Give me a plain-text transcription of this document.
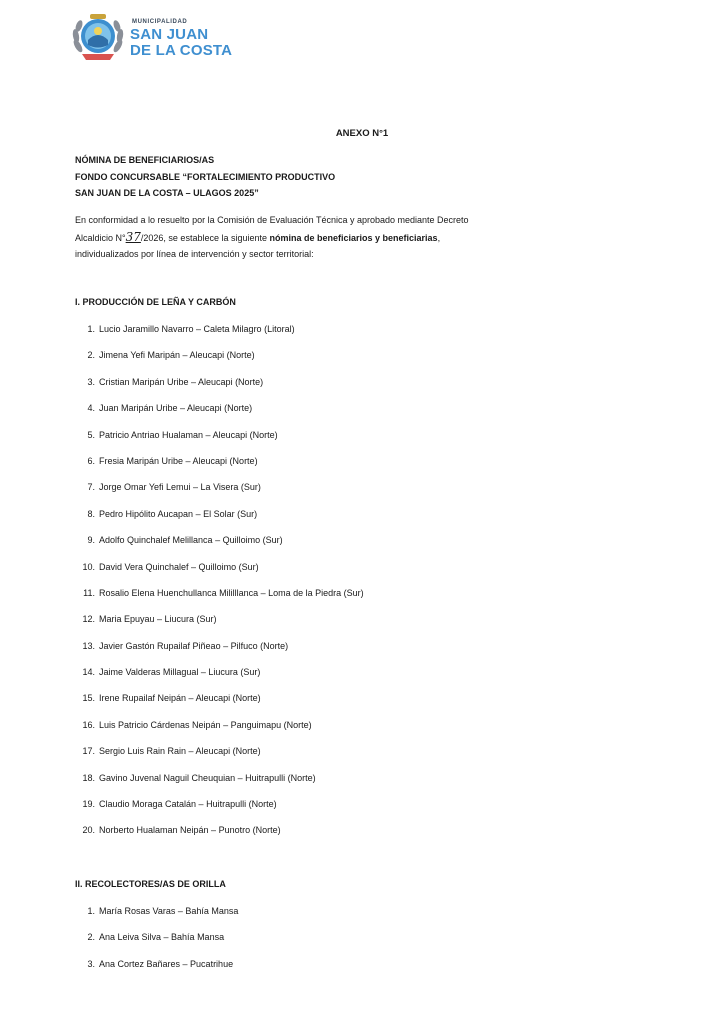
MUNICIPALIDAD
SAN JUAN
DE LA COSTA
ANEXO N°1
NÓMINA DE BENEFICIARIOS/AS
FONDO CONCURSABLE “FORTALECIMIENTO PRODUCTIVO
SAN JUAN DE LA COSTA – ULAGOS 2025”
En conformidad a lo resuelto por la Comisión de Evaluación Técnica y aprobado mediante Decreto
Alcaldicio N°37/2026, se establece la siguiente nómina de beneficiarios y beneficiarias,
individualizados por línea de intervención y sector territorial:
I. PRODUCCIÓN DE LEÑA Y CARBÓN
1. Lucio Jaramillo Navarro – Caleta Milagro (Litoral)
2. Jimena Yefi Maripán – Aleucapi (Norte)
3. Cristian Maripán Uribe – Aleucapi (Norte)
4. Juan Maripán Uribe – Aleucapi (Norte)
5. Patricio Antriao Hualaman – Aleucapi (Norte)
6. Fresia Maripán Uribe – Aleucapi (Norte)
7. Jorge Omar Yefi Lemui – La Visera (Sur)
8. Pedro Hipólito Aucapan – El Solar (Sur)
9. Adolfo Quinchalef Melillanca – Quilloimo (Sur)
10. David Vera Quinchalef – Quilloimo (Sur)
11. Rosalio Elena Huenchullanca Mililllanca – Loma de la Piedra (Sur)
12. Maria Epuyau – Liucura (Sur)
13. Javier Gastón Rupailaf Piñeao – Pilfuco (Norte)
14. Jaime Valderas Millagual – Liucura (Sur)
15. Irene Rupailaf Neipán – Aleucapi (Norte)
16. Luis Patricio Cárdenas Neipán – Panguimapu (Norte)
17. Sergio Luis Rain Rain – Aleucapi (Norte)
18. Gavino Juvenal Naguil Cheuquian – Huitrapulli (Norte)
19. Claudio Moraga Catalán – Huitrapulli (Norte)
20. Norberto Hualaman Neipán – Punotro (Norte)
II. RECOLECTORES/AS DE ORILLA
1. María Rosas Varas – Bahía Mansa
2. Ana Leiva Silva – Bahía Mansa
3. Ana Cortez Bañares – Pucatrihue
